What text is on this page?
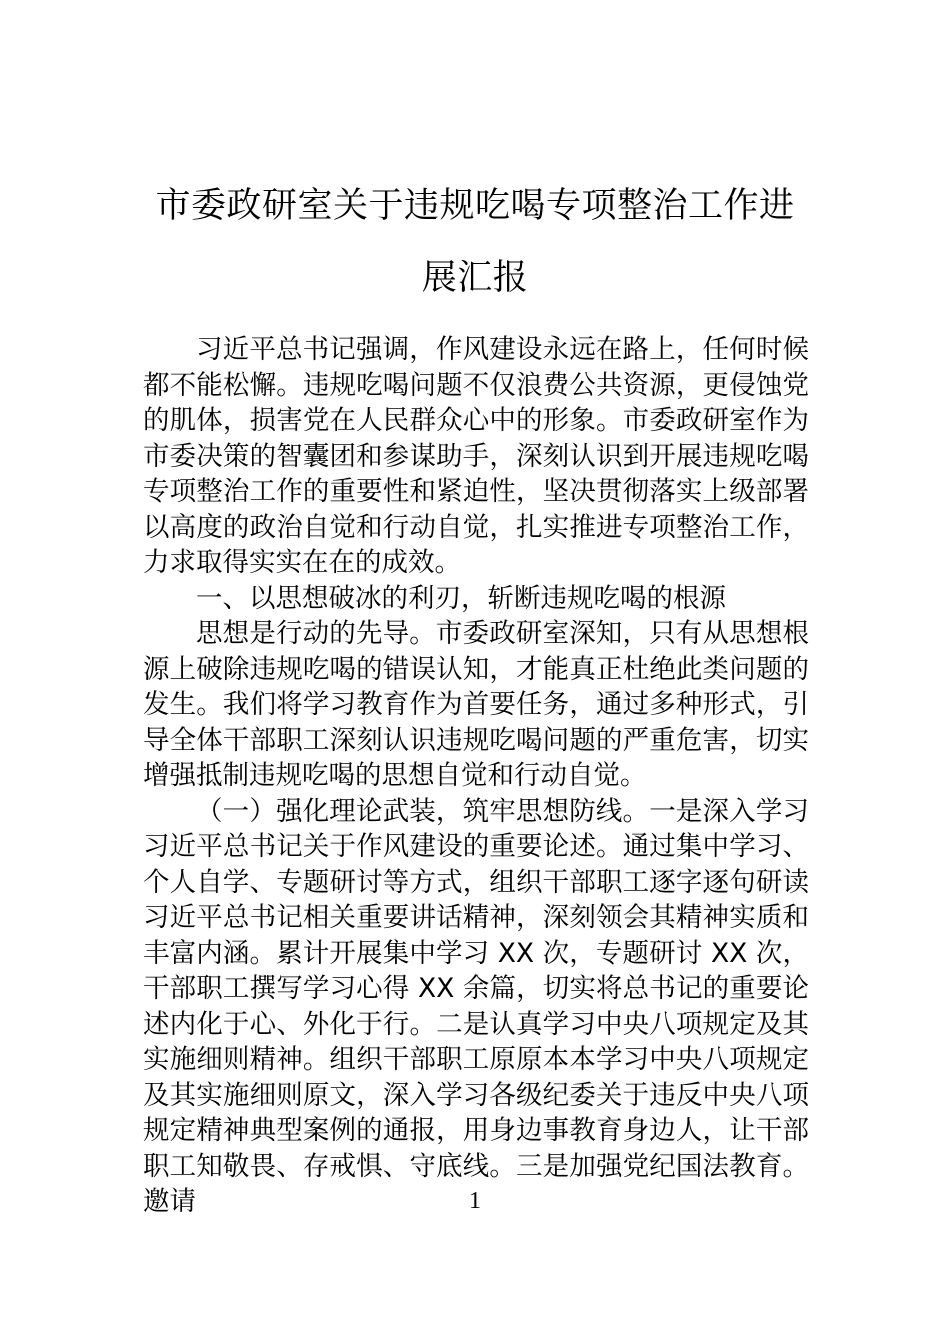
市委政研室关于违规吃喝专项整治工作进
展汇报

习近平总书记强调，作风建设永远在路上，任何时候都不能松懈。违规吃喝问题不仅浪费公共资源，更侵蚀党的肌体，损害党在人民群众心中的形象。市委政研室作为市委决策的智囊团和参谋助手，深刻认识到开展违规吃喝专项整治工作的重要性和紧迫性，坚决贯彻落实上级部署以高度的政治自觉和行动自觉，扎实推进专项整治工作，力求取得实实在在的成效。

一、以思想破冰的利刃，斩断违规吃喝的根源

思想是行动的先导。市委政研室深知，只有从思想根源上破除违规吃喝的错误认知，才能真正杜绝此类问题的发生。我们将学习教育作为首要任务，通过多种形式，引导全体干部职工深刻认识违规吃喝问题的严重危害，切实增强抵制违规吃喝的思想自觉和行动自觉。

（一）强化理论武装，筑牢思想防线。一是深入学习习近平总书记关于作风建设的重要论述。通过集中学习、个人自学、专题研讨等方式，组织干部职工逐字逐句研读习近平总书记相关重要讲话精神，深刻领会其精神实质和丰富内涵。累计开展集中学习 XX 次，专题研讨 XX 次，干部职工撰写学习心得 XX 余篇，切实将总书记的重要论述内化于心、外化于行。二是认真学习中央八项规定及其实施细则精神。组织干部职工原原本本学习中央八项规定及其实施细则原文，深入学习各级纪委关于违反中央八项规定精神典型案例的通报，用身边事教育身边人，让干部职工知敬畏、存戒惧、守底线。三是加强党纪国法教育。邀请	1
